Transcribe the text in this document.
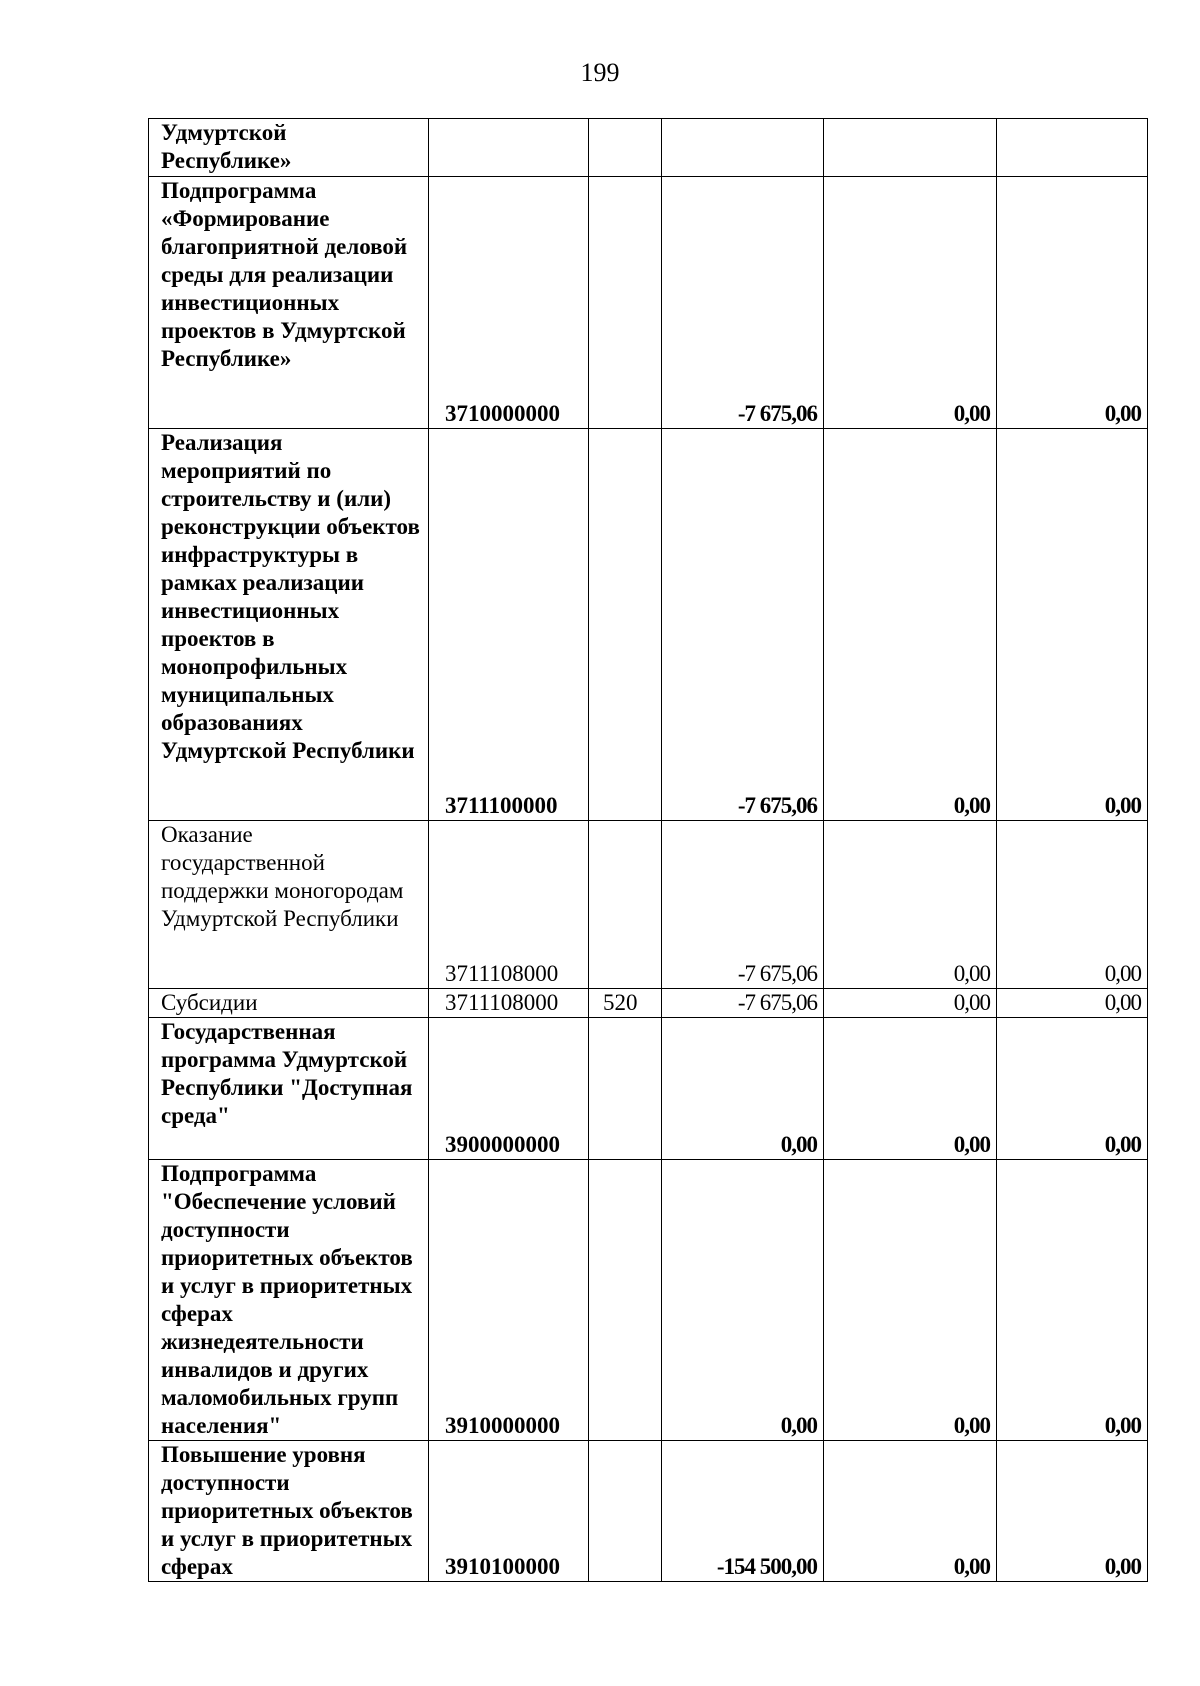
199
Удмуртской Республике»					
Подпрограмма «Формирование благоприятной деловой среды для реализации инвестиционных проектов в Удмуртской Республике»	3710000000		-7 675,06	0,00	0,00
Реализация мероприятий по строительству и (или) реконструкции объектов инфраструктуры в рамках реализации инвестиционных проектов в монопрофильных муниципальных образованиях Удмуртской Республики	3711100000		-7 675,06	0,00	0,00
Оказание государственной поддержки моногородам Удмуртской Республики	3711108000		-7 675,06	0,00	0,00
Субсидии	3711108000	520	-7 675,06	0,00	0,00
Государственная программа Удмуртской Республики "Доступная среда"	3900000000		0,00	0,00	0,00
Подпрограмма "Обеспечение условий доступности приоритетных объектов и услуг в приоритетных сферах жизнедеятельности инвалидов и других маломобильных групп населения"	3910000000		0,00	0,00	0,00
Повышение уровня доступности приоритетных объектов и услуг в приоритетных сферах	3910100000		-154 500,00	0,00	0,00
